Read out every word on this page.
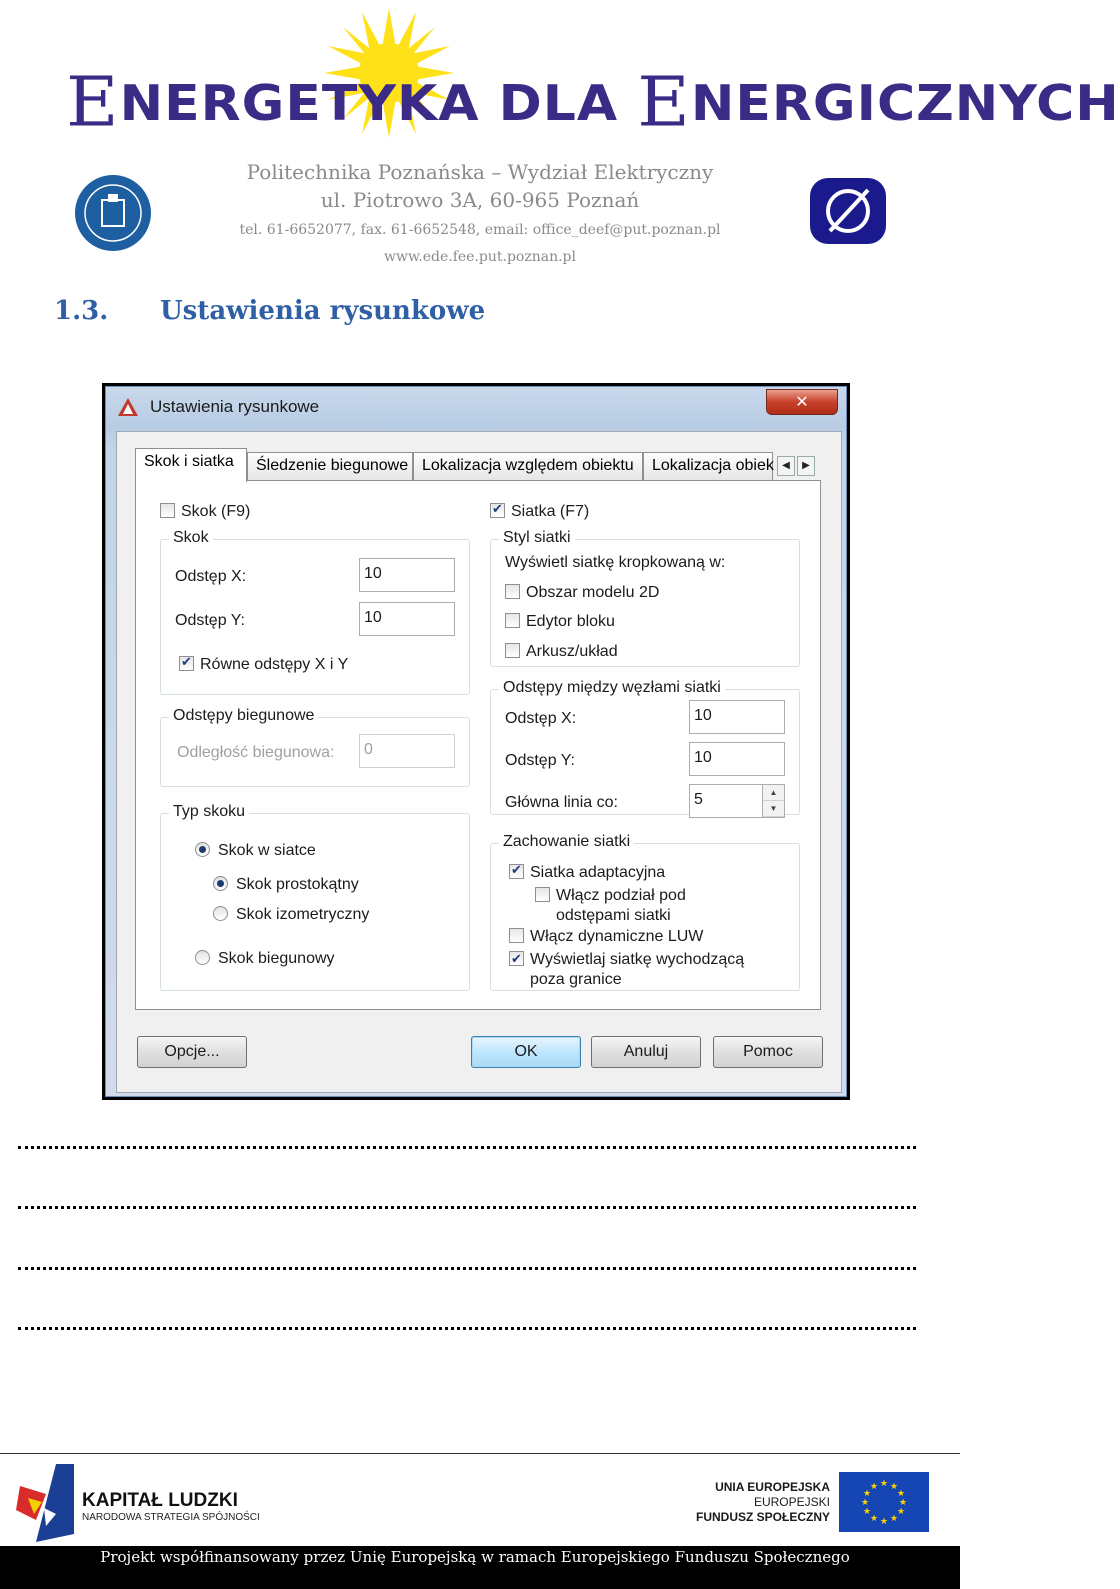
ENERGETYKA DLA ENERGICZNYCH
Politechnika Poznańska – Wydział Elektryczny
ul. Piotrowo 3A, 60-965 Poznań
tel. 61-6652077, fax. 61-6652548, email: office_deef@put.poznan.pl
www.ede.fee.put.poznan.pl
1.3. Ustawienia rysunkowe
Ustawienia rysunkowe	✕
Skok i siatka	Śledzenie biegunowe Lokalizacja względem obiektu	Lokalizacja obiek ◀	▶
Skok (F9) ✔	Siatka (F7)
Skok
Odstęp X:	10
Odstęp Y:	10
✔Równe odstępy X i Y
Odstępy biegunowe
Odległość biegunowa:	0
Typ skoku
Skok w siatce
Skok prostokątny
Skok izometryczny
Skok biegunowy
Styl siatki
Wyświetl siatkę kropkowaną w:
Obszar modelu 2D
Edytor bloku
Arkusz/układ
Odstępy między węzłami siatki
Odstęp X:	10
Odstęp Y:	10
Główna linia co:	5	▲
▼
Zachowanie siatki
✔Siatka adaptacyjna
Włącz podział pod
odstępami siatki
Włącz dynamiczne LUW
✔Wyświetlaj siatkę wychodzącą
poza granice
Opcje...	OK	Anuluj	Pomoc
KAPITAŁ LUDZKI
NARODOWA STRATEGIA SPÓJNOŚCI
UNIA EUROPEJSKA
EUROPEJSKI
FUNDUSZ SPOŁECZNY
★ ★
★
★
★
★
★
★
★
★
★
★
Projekt współfinansowany przez Unię Europejską w ramach Europejskiego Funduszu Społecznego
